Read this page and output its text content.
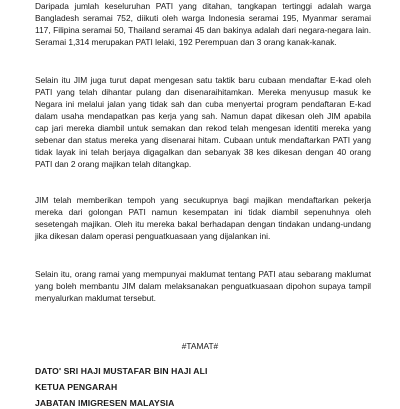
Daripada jumlah keseluruhan PATI yang ditahan, tangkapan tertinggi adalah warga Bangladesh seramai 752, diikuti oleh warga Indonesia seramai 195, Myanmar seramai 117, Filipina seramai 50, Thailand seramai 45 dan bakinya adalah dari negara-negara lain. Seramai 1,314 merupakan PATI lelaki, 192 Perempuan dan 3 orang kanak-kanak.

Selain itu JIM juga turut dapat mengesan satu taktik baru cubaan mendaftar E-kad oleh PATI yang telah dihantar pulang dan disenaraihitamkan. Mereka menyusup masuk ke Negara ini melalui jalan yang tidak sah dan cuba menyertai program pendaftaran E-kad dalam usaha mendapatkan pas kerja yang sah. Namun dapat dikesan oleh JIM apabila cap jari mereka diambil untuk semakan dan rekod telah mengesan identiti mereka yang sebenar dan status mereka yang disenarai hitam. Cubaan untuk mendaftarkan PATI yang tidak layak ini telah berjaya digagalkan dan sebanyak 38 kes dikesan dengan 40 orang PATI dan 2 orang majikan telah ditangkap.

JIM telah memberikan tempoh yang secukupnya bagi majikan mendaftarkan pekerja mereka dari golongan PATI namun kesempatan ini tidak diambil sepenuhnya oleh sesetengah majikan. Oleh itu mereka bakal berhadapan dengan tindakan undang-undang jika dikesan dalam operasi penguatkuasaan yang dijalankan ini.

Selain itu, orang ramai yang mempunyai maklumat tentang PATI atau sebarang maklumat yang boleh membantu JIM dalam melaksanakan penguatkuasaan dipohon supaya tampil menyalurkan maklumat tersebut.

#TAMAT#
DATO' SRI HAJI MUSTAFAR BIN HAJI ALI
KETUA PENGARAH
JABATAN IMIGRESEN MALAYSIA
